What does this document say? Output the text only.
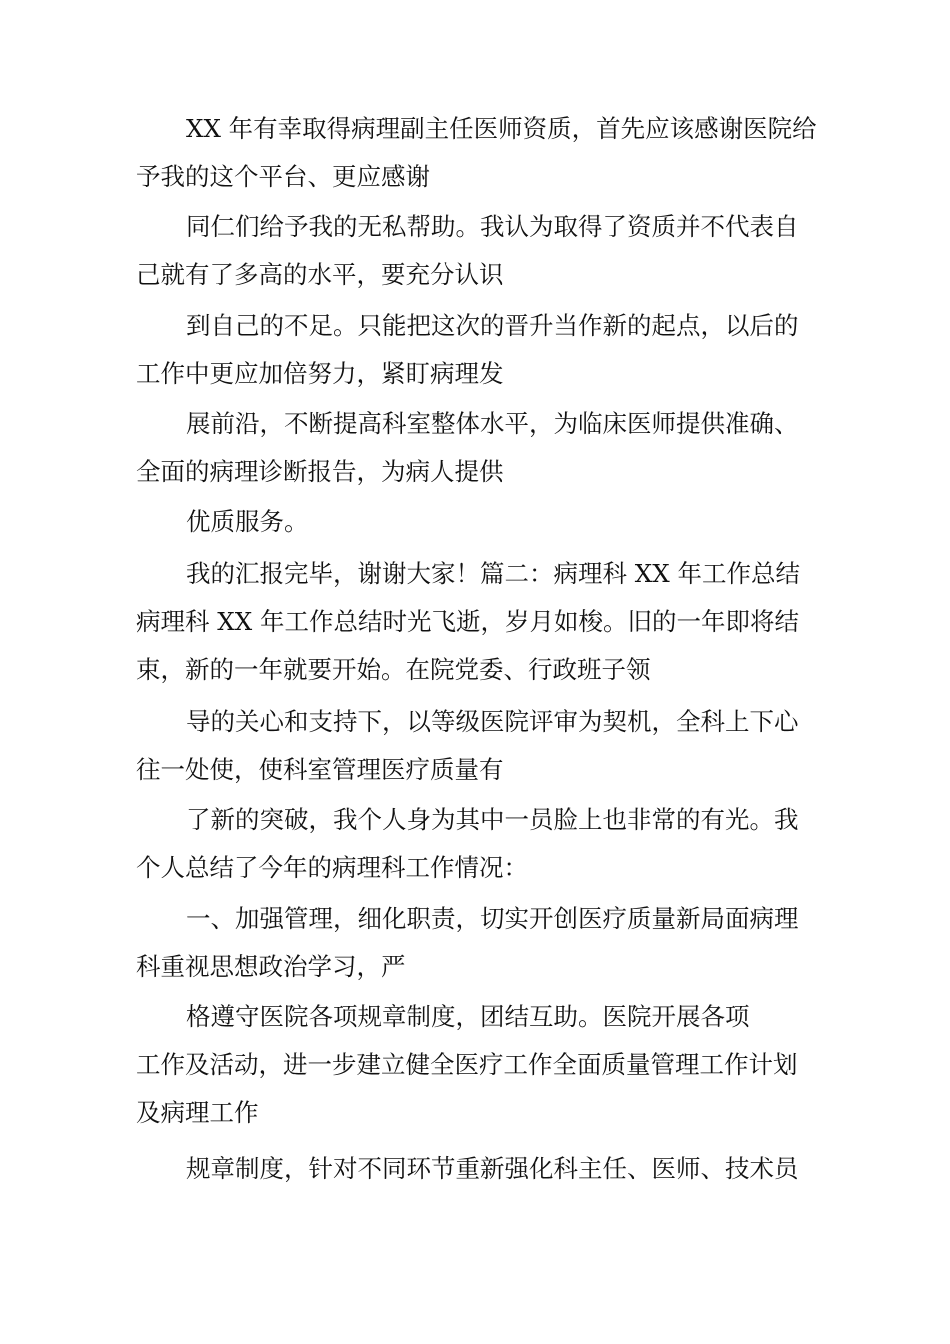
XX 年有幸取得病理副主任医师资质，首先应该感谢医院给
予我的这个平台、更应感谢
同仁们给予我的无私帮助。我认为取得了资质并不代表自
己就有了多高的水平，要充分认识
到自己的不足。只能把这次的晋升当作新的起点，以后的
工作中更应加倍努力，紧盯病理发
展前沿，不断提高科室整体水平，为临床医师提供准确、
全面的病理诊断报告，为病人提供
优质服务。
我的汇报完毕，谢谢大家！篇二：病理科 XX 年工作总结
病理科 XX 年工作总结时光飞逝，岁月如梭。旧的一年即将结
束，新的一年就要开始。在院党委、行政班子领
导的关心和支持下，以等级医院评审为契机，全科上下心
往一处使，使科室管理医疗质量有
了新的突破，我个人身为其中一员脸上也非常的有光。我
个人总结了今年的病理科工作情况：
一、加强管理，细化职责，切实开创医疗质量新局面病理
科重视思想政治学习，严
格遵守医院各项规章制度，团结互助。医院开展各项
工作及活动，进一步建立健全医疗工作全面质量管理工作计划
及病理工作
规章制度，针对不同环节重新强化科主任、医师、技术员
